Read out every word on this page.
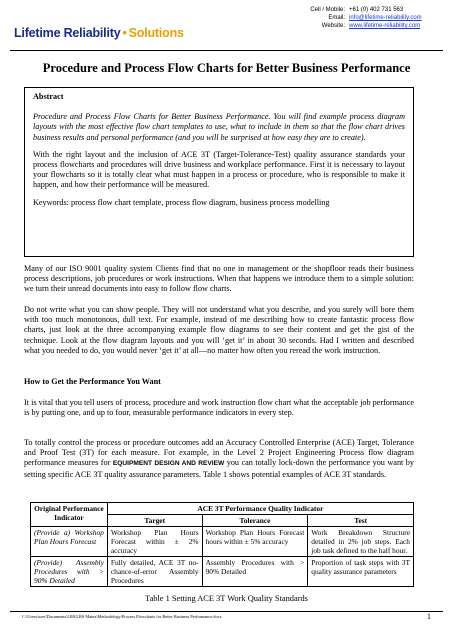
Lifetime Reliability • Solutions
Cell / Mobile: +61 (0) 402 731 563
Email: info@lifetime-reliability.com
Website: www.lifetime-reliability.com
Procedure and Process Flow Charts for Better Business Performance

Abstract

Procedure and Process Flow Charts for Better Business Performance. You will find example process diagram layouts with the most effective flow chart templates to use, what to include in them so that the flow chart drives business results and personal performance (and you will be surprised at how easy they are to create).

With the right layout and the inclusion of ACE 3T (Target-Tolerance-Test) quality assurance standards your process flowcharts and procedures will drive business and workplace performance. First it is necessary to layout your flowcharts so it is totally clear what must happen in a process or procedure, who is responsible to make it happen, and how their performance will be measured.

Keywords: process flow chart template, process flow diagram, business process modelling

Many of our ISO 9001 quality system Clients find that no one in management or the shopfloor reads their business process descriptions, job procedures or work instructions. When that happens we introduce them to a simple solution: we turn their unread documents into easy to follow flow charts.

Do not write what you can show people. They will not understand what you describe, and you surely will bore them with too much monotonous, dull text. For example, instead of me describing how to create fantastic process flow charts, just look at the three accompanying example flow diagrams to see their content and get the gist of the technique. Look at the flow diagram layouts and you will ‘get it’ in about 30 seconds. Had I written and described what you needed to do, you would never ‘get it’ at all—no matter how often you reread the work instruction.

How to Get the Performance You Want

It is vital that you tell users of process, procedure and work instruction flow chart what the acceptable job performance is by putting one, and up to four, measurable performance indicators in every step.

To totally control the process or procedure outcomes add an Accuracy Controlled Enterprise (ACE) Target, Tolerance and Proof Test (3T) for each measure. For example, in the Level 2 Project Engineering Process flow diagram performance measures for EQUIPMENT DESIGN AND REVIEW you can totally lock-down the performance you want by setting specific ACE 3T quality assurance parameters. Table 1 shows potential examples of ACE 3T standards.

Original Performance Indicator	ACE 3T Performance Quality Indicator		
	Target	Tolerance	Test
(Provide a) Workshop Plan Hours Forecast	Workshop Plan Hours Forecast within ± 2% accuracy	Workshop Plan Hours Forecast hours within ± 5% accuracy	Work Breakdown Structure detailed in 2% job steps. Each job task defined to the half hour.
(Provide) Assembly Procedures with > 90% Detailed	Fully detailed, ACE 3T no-chance-of-error Assembly Procedures	Assembly Procedures with > 90% Detailed	Proportion of task steps with 3T quality assurance parameters
Table 1 Setting ACE 3T Work Quality Standards
C:\Users\user\Documents\LRS\LRS Mainz\Methodology\Process Flowcharts for Better Business Performance.docx	1
